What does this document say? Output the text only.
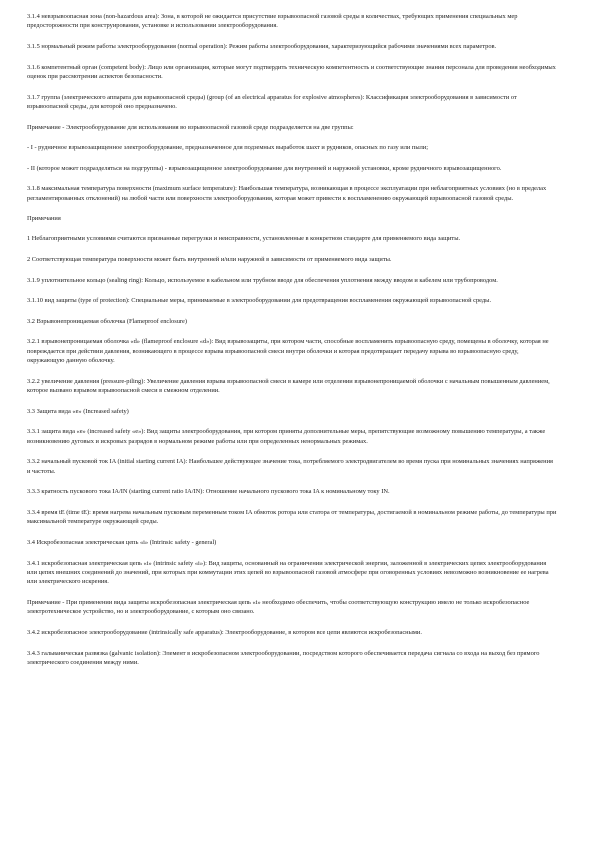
3.1.4 невзрывоопасная зона (non-hazardous area): Зона, в которой не ожидается присутствие взрывоопасной газовой среды в количествах, требующих применения специальных мер предосторожности при конструировании, установке и использовании электрооборудования.

3.1.5 нормальный режим работы электрооборудования (normal operation): Режим работы электрооборудования, характеризующийся рабочими значениями всех параметров.

3.1.6 компетентный орган (competent body): Лицо или организация, которые могут подтвердить техническую компетентность и соответствующие знания персонала для проведения необходимых оценок при рассмотрении аспектов безопасности.

3.1.7 группа (электрического аппарата для взрывоопасной среды) (group (of an electrical apparatus for explosive atmospheres): Классификация электрооборудования в зависимости от взрывоопасной среды, для которой оно предназначено.

Примечание - Электрооборудование для использования во взрывоопасной газовой среде подразделяется на две группы:

- I - рудничное взрывозащищенное электрооборудование, предназначенное для подземных выработок шахт и рудников, опасных по газу или пыли;

- II (которое может подразделяться на подгруппы) - взрывозащищенное электрооборудование для внутренней и наружной установки, кроме рудничного взрывозащищенного.

3.1.8 максимальная температура поверхности (maximum surface temperature): Наибольшая температура, возникающая в процессе эксплуатации при неблагоприятных условиях (но в пределах регламентированных отклонений) на любой части или поверхности электрооборудования, которая может привести к воспламенению окружающей взрывоопасной газовой среды.

Примечания

1 Неблагоприятными условиями считаются признанные перегрузки и неисправности, установленные в конкретном стандарте для применяемого вида защиты.

2 Соответствующая температура поверхности может быть внутренней и/или наружной в зависимости от применяемого вида защиты.

3.1.9 уплотнительное кольцо (sealing ring): Кольцо, используемое в кабельном или трубном вводе для обеспечения уплотнения между вводом и кабелем или трубопроводом.

3.1.10 вид защиты (type of protection): Специальные меры, принимаемые в электрооборудовании для предотвращения воспламенения окружающей взрывоопасной среды.

3.2 Взрывонепроницаемая оболочка (Flameproof enclosure)

3.2.1 взрывонепроницаемая оболочка «d» (flameproof enclosure «d»): Вид взрывозащиты, при котором части, способные воспламенить взрывоопасную среду, помещены в оболочку, которая не повреждается при действии давления, возникающего в процессе взрыва взрывоопасной смеси внутри оболочки и которая предотвращает передачу взрыва во взрывоопасную среду, окружающую данную оболочку.

3.2.2 увеличение давления (pressure-piling): Увеличение давления взрыва взрывоопасной смеси в камере или отделении взрывонепроницаемой оболочки с начальным повышенным давлением, которое вызвано взрывом взрывоопасной смеси в смежном отделении.

3.3 Защита вида «е» (Increased safety)

3.3.1 защита вида «е» (increased safety «е»): Вид защиты электрооборудования, при котором приняты дополнительные меры, препятствующие возможному повышению температуры, а также возникновению дуговых и искровых разрядов в нормальном режиме работы или при определенных ненормальных режимах.

3.3.2 начальный пусковой ток IA (initial starting current IA): Наибольшее действующее значение тока, потребляемого электродвигателем во время пуска при номинальных значениях напряжения и частоты.

3.3.3 кратность пускового тока IA/IN (starting current ratio IA/IN): Отношение начального пускового тока IA к номинальному току IN.

3.3.4 время tE (time tE): время нагрева начальным пусковым переменным током IA обмоток ротора или статора от температуры, достигаемой в номинальном режиме работы, до температуры при максимальной температуре окружающей среды.

3.4 Искробезопасная электрическая цепь «i» (Intrinsic safety - general)

3.4.1 искробезопасная электрическая цепь «i» (intrinsic safety «i»): Вид защиты, основанный на ограничении электрической энергии, заложенной в электрических цепях электрооборудования или цепях внешних соединений до значений, при которых при коммутации этих цепей во взрывоопасной газовой атмосфере при оговоренных условиях невозможно возникновение ее нагрева или электрического искрения.

Примечание - При применении вида защиты искробезопасная электрическая цепь «i» необходимо обеспечить, чтобы соответствующую конструкцию имело не только искробезопасное электротехническое устройство, но и электрооборудование, с которым оно связано.

3.4.2 искробезопасное электрооборудование (intrinsically safe apparatus): Электрооборудование, в котором все цепи являются искробезопасными.

3.4.3 гальваническая развязка (galvanic isolation): Элемент в искробезопасном электрооборудовании, посредством которого обеспечивается передача сигнала со входа на выход без прямого электрического соединения между ними.
